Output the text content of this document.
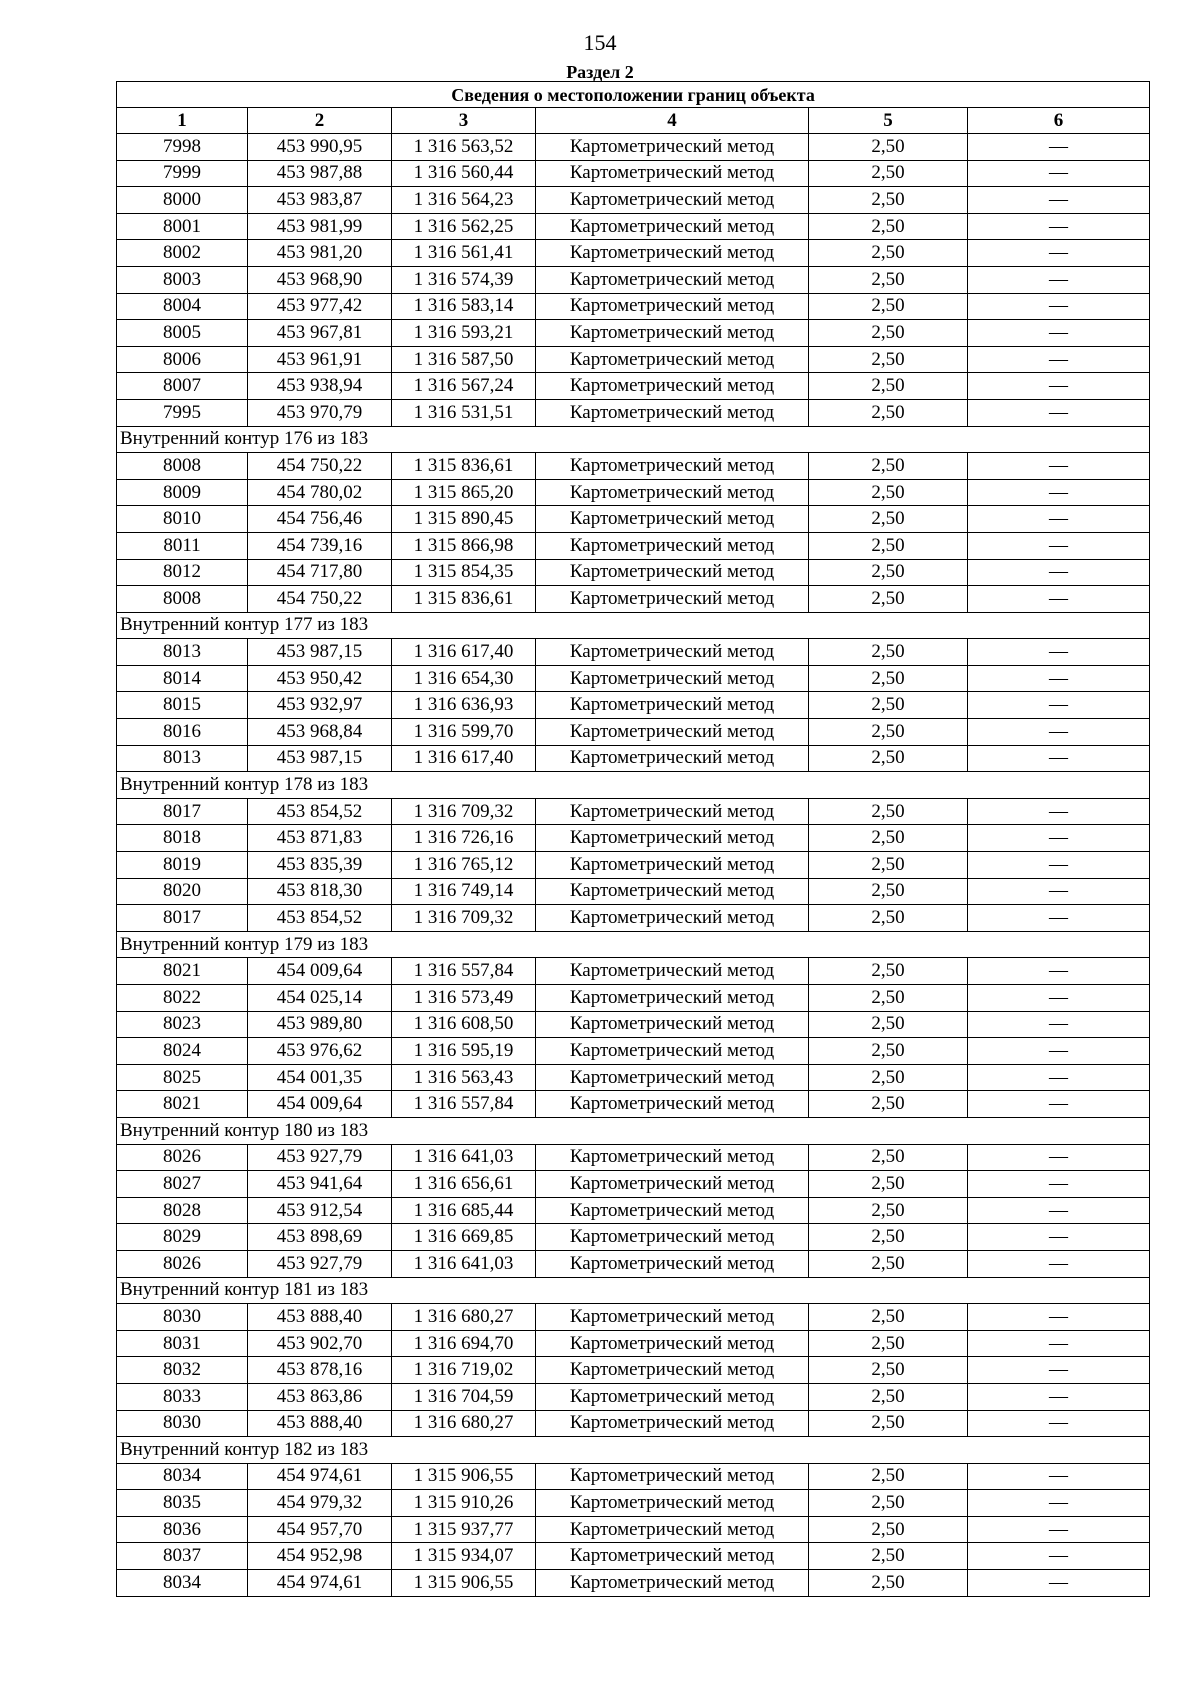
154
Раздел 2
Сведения о местоположении границ объекта					
1	2	3	4	5	6
7998	453 990,95	1 316 563,52	Картометрический метод	2,50	—
7999	453 987,88	1 316 560,44	Картометрический метод	2,50	—
8000	453 983,87	1 316 564,23	Картометрический метод	2,50	—
8001	453 981,99	1 316 562,25	Картометрический метод	2,50	—
8002	453 981,20	1 316 561,41	Картометрический метод	2,50	—
8003	453 968,90	1 316 574,39	Картометрический метод	2,50	—
8004	453 977,42	1 316 583,14	Картометрический метод	2,50	—
8005	453 967,81	1 316 593,21	Картометрический метод	2,50	—
8006	453 961,91	1 316 587,50	Картометрический метод	2,50	—
8007	453 938,94	1 316 567,24	Картометрический метод	2,50	—
7995	453 970,79	1 316 531,51	Картометрический метод	2,50	—
Внутренний контур 176 из 183					
8008	454 750,22	1 315 836,61	Картометрический метод	2,50	—
8009	454 780,02	1 315 865,20	Картометрический метод	2,50	—
8010	454 756,46	1 315 890,45	Картометрический метод	2,50	—
8011	454 739,16	1 315 866,98	Картометрический метод	2,50	—
8012	454 717,80	1 315 854,35	Картометрический метод	2,50	—
8008	454 750,22	1 315 836,61	Картометрический метод	2,50	—
Внутренний контур 177 из 183					
8013	453 987,15	1 316 617,40	Картометрический метод	2,50	—
8014	453 950,42	1 316 654,30	Картометрический метод	2,50	—
8015	453 932,97	1 316 636,93	Картометрический метод	2,50	—
8016	453 968,84	1 316 599,70	Картометрический метод	2,50	—
8013	453 987,15	1 316 617,40	Картометрический метод	2,50	—
Внутренний контур 178 из 183					
8017	453 854,52	1 316 709,32	Картометрический метод	2,50	—
8018	453 871,83	1 316 726,16	Картометрический метод	2,50	—
8019	453 835,39	1 316 765,12	Картометрический метод	2,50	—
8020	453 818,30	1 316 749,14	Картометрический метод	2,50	—
8017	453 854,52	1 316 709,32	Картометрический метод	2,50	—
Внутренний контур 179 из 183					
8021	454 009,64	1 316 557,84	Картометрический метод	2,50	—
8022	454 025,14	1 316 573,49	Картометрический метод	2,50	—
8023	453 989,80	1 316 608,50	Картометрический метод	2,50	—
8024	453 976,62	1 316 595,19	Картометрический метод	2,50	—
8025	454 001,35	1 316 563,43	Картометрический метод	2,50	—
8021	454 009,64	1 316 557,84	Картометрический метод	2,50	—
Внутренний контур 180 из 183					
8026	453 927,79	1 316 641,03	Картометрический метод	2,50	—
8027	453 941,64	1 316 656,61	Картометрический метод	2,50	—
8028	453 912,54	1 316 685,44	Картометрический метод	2,50	—
8029	453 898,69	1 316 669,85	Картометрический метод	2,50	—
8026	453 927,79	1 316 641,03	Картометрический метод	2,50	—
Внутренний контур 181 из 183					
8030	453 888,40	1 316 680,27	Картометрический метод	2,50	—
8031	453 902,70	1 316 694,70	Картометрический метод	2,50	—
8032	453 878,16	1 316 719,02	Картометрический метод	2,50	—
8033	453 863,86	1 316 704,59	Картометрический метод	2,50	—
8030	453 888,40	1 316 680,27	Картометрический метод	2,50	—
Внутренний контур 182 из 183					
8034	454 974,61	1 315 906,55	Картометрический метод	2,50	—
8035	454 979,32	1 315 910,26	Картометрический метод	2,50	—
8036	454 957,70	1 315 937,77	Картометрический метод	2,50	—
8037	454 952,98	1 315 934,07	Картометрический метод	2,50	—
8034	454 974,61	1 315 906,55	Картометрический метод	2,50	—
